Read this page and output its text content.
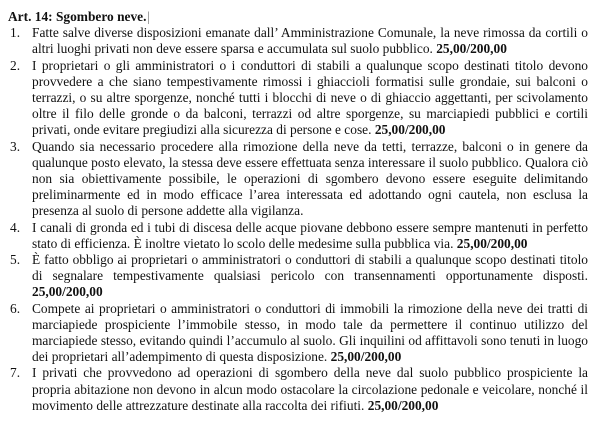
Art. 14: Sgombero neve. |
1. Fatte salve diverse disposizioni emanate dall’ Amministrazione Comunale, la neve rimossa da cortili o altri luoghi privati non deve essere sparsa e accumulata sul suolo pubblico. 25,00/200,00

2. I proprietari o gli amministratori o i conduttori di stabili a qualunque scopo destinati titolo devono provvedere a che siano tempestivamente rimossi i ghiaccioli formatisi sulle grondaie, sui balconi o terrazzi, o su altre sporgenze, nonché tutti i blocchi di neve o di ghiaccio aggettanti, per scivolamento oltre il filo delle gronde o da balconi, terrazzi od altre sporgenze, su marciapiedi pubblici e cortili privati, onde evitare pregiudizi alla sicurezza di persone e cose. 25,00/200,00

3. Quando sia necessario procedere alla rimozione della neve da tetti, terrazze, balconi o in genere da qualunque posto elevato, la stessa deve essere effettuata senza interessare il suolo pubblico. Qualora ciò non sia obiettivamente possibile, le operazioni di sgombero devono essere eseguite delimitando preliminarmente ed in modo efficace l’area interessata ed adottando ogni cautela, non esclusa la presenza al suolo di persone addette alla vigilanza.

4. I canali di gronda ed i tubi di discesa delle acque piovane debbono essere sempre mantenuti in perfetto stato di efficienza. È inoltre vietato lo scolo delle medesime sulla pubblica via. 25,00/200,00

5. È fatto obbligo ai proprietari o amministratori o conduttori di stabili a qualunque scopo destinati titolo di segnalare tempestivamente qualsiasi pericolo con transennamenti opportunamente disposti. 25,00/200,00

6. Compete ai proprietari o amministratori o conduttori di immobili la rimozione della neve dei tratti di marciapiede prospiciente l’immobile stesso, in modo tale da permettere il continuo utilizzo del marciapiede stesso, evitando quindi l’accumulo al suolo. Gli inquilini od affittavoli sono tenuti in luogo dei proprietari all’adempimento di questa disposizione. 25,00/200,00

7. I privati che provvedono ad operazioni di sgombero della neve dal suolo pubblico prospiciente la propria abitazione non devono in alcun modo ostacolare la circolazione pedonale e veicolare, nonché il movimento delle attrezzature destinate alla raccolta dei rifiuti. 25,00/200,00
